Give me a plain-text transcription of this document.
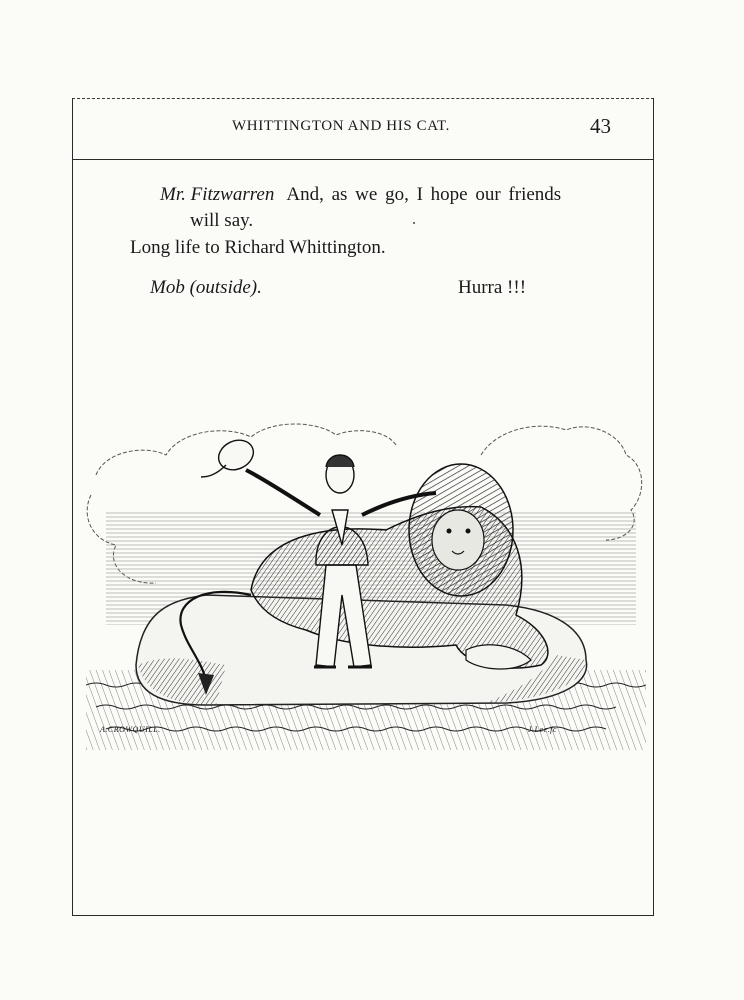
WHITTINGTON AND HIS CAT.	43
Mr. Fitzwarren And, as we go, I hope our friends
will say.
Long life to Richard Whittington.
Mob (outside).	Hurra !!!
A.CROWQUILL.	J.Lee.fc
